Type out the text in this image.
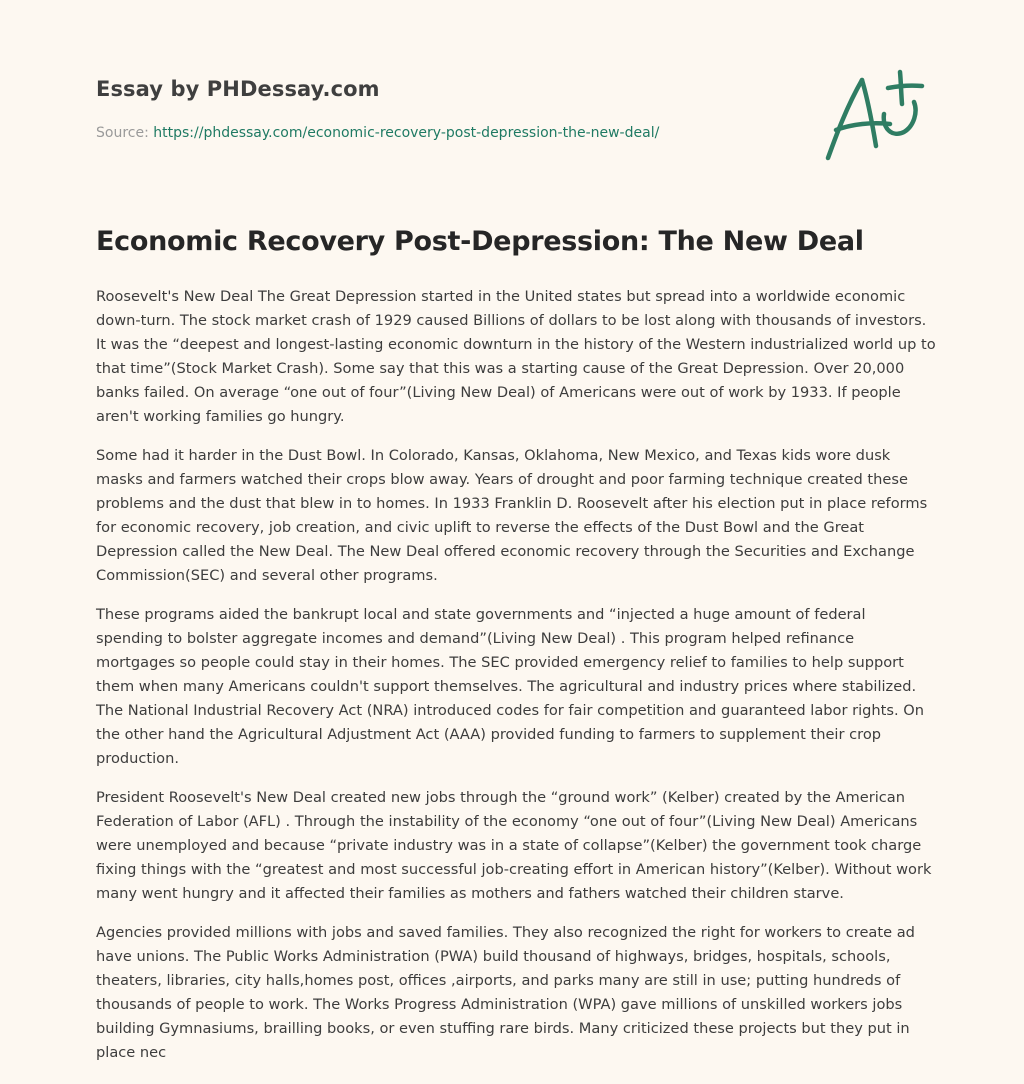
Essay by PHDessay.com
Source: https://phdessay.com/economic-recovery-post-depression-the-new-deal/
Economic Recovery Post-Depression: The New Deal

Roosevelt's New Deal The Great Depression started in the United states but spread into a worldwide economic down-turn. The stock market crash of 1929 caused Billions of dollars to be lost along with thousands of investors. It was the “deepest and longest-lasting economic downturn in the history of the Western industrialized world up to that time”(Stock Market Crash). Some say that this was a starting cause of the Great Depression. Over 20,000 banks failed. On average “one out of four”(Living New Deal) of Americans were out of work by 1933. If people aren't working families go hungry.

Some had it harder in the Dust Bowl. In Colorado, Kansas, Oklahoma, New Mexico, and Texas kids wore dusk masks and farmers watched their crops blow away. Years of drought and poor farming technique created these problems and the dust that blew in to homes. In 1933 Franklin D. Roosevelt after his election put in place reforms for economic recovery, job creation, and civic uplift to reverse the effects of the Dust Bowl and the Great Depression called the New Deal. The New Deal offered economic recovery through the Securities and Exchange Commission(SEC) and several other programs.

These programs aided the bankrupt local and state governments and “injected a huge amount of federal spending to bolster aggregate incomes and demand”(Living New Deal) . This program helped refinance mortgages so people could stay in their homes. The SEC provided emergency relief to families to help support them when many Americans couldn't support themselves. The agricultural and industry prices where stabilized. The National Industrial Recovery Act (NRA) introduced codes for fair competition and guaranteed labor rights. On the other hand the Agricultural Adjustment Act (AAA) provided funding to farmers to supplement their crop production.

President Roosevelt's New Deal created new jobs through the “ground work” (Kelber) created by the American Federation of Labor (AFL) . Through the instability of the economy “one out of four”(Living New Deal) Americans were unemployed and because “private industry was in a state of collapse”(Kelber) the government took charge fixing things with the “greatest and most successful job-creating effort in American history”(Kelber). Without work many went hungry and it affected their families as mothers and fathers watched their children starve.

Agencies provided millions with jobs and saved families. They also recognized the right for workers to create ad have unions. The Public Works Administration (PWA) build thousand of highways, bridges, hospitals, schools, theaters, libraries, city halls,homes post, offices ,airports, and parks many are still in use; putting hundreds of thousands of people to work. The Works Progress Administration (WPA) gave millions of unskilled workers jobs building Gymnasiums, brailling books, or even stuffing rare birds. Many criticized these projects but they put in place nec
